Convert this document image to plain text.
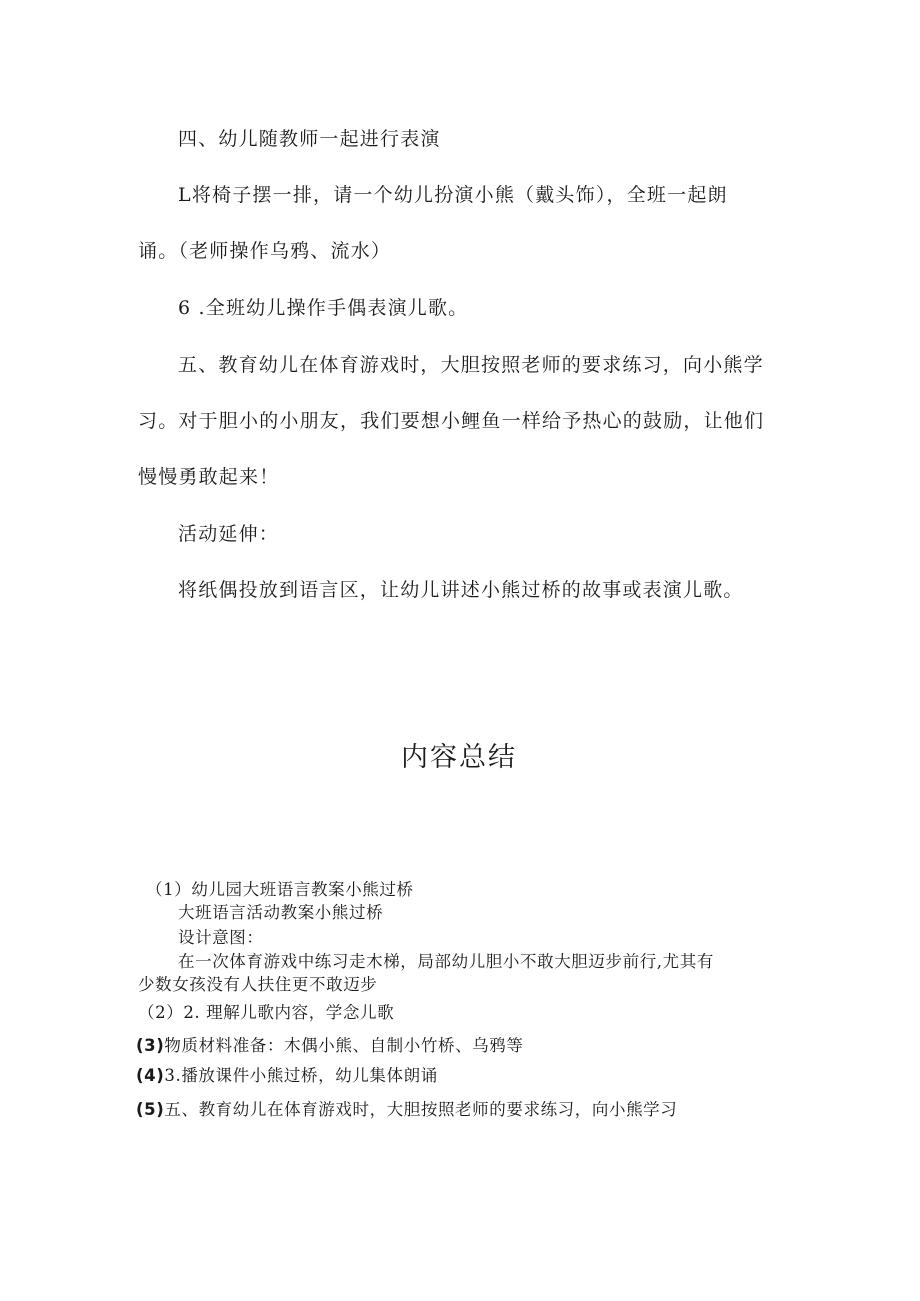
四、幼儿随教师一起进行表演

L将椅子摆一排，请一个幼儿扮演小熊（戴头饰），全班一起朗

诵。（老师操作乌鸦、流水）

6 .全班幼儿操作手偶表演儿歌。

五、教育幼儿在体育游戏时，大胆按照老师的要求练习，向小熊学

习。对于胆小的小朋友，我们要想小鲤鱼一样给予热心的鼓励，让他们

慢慢勇敢起来！

活动延伸：

将纸偶投放到语言区，让幼儿讲述小熊过桥的故事或表演儿歌。

内容总结

（1）幼儿园大班语言教案小熊过桥

大班语言活动教案小熊过桥

设计意图：

在一次体育游戏中练习走木梯，局部幼儿胆小不敢大胆迈步前行,尤其有

少数女孩没有人扶住更不敢迈步

（2）2. 理解儿歌内容，学念儿歌

(3)物质材料准备：木偶小熊、自制小竹桥、乌鸦等

(4)3.播放课件小熊过桥，幼儿集体朗诵

(5)五、教育幼儿在体育游戏时，大胆按照老师的要求练习，向小熊学习
